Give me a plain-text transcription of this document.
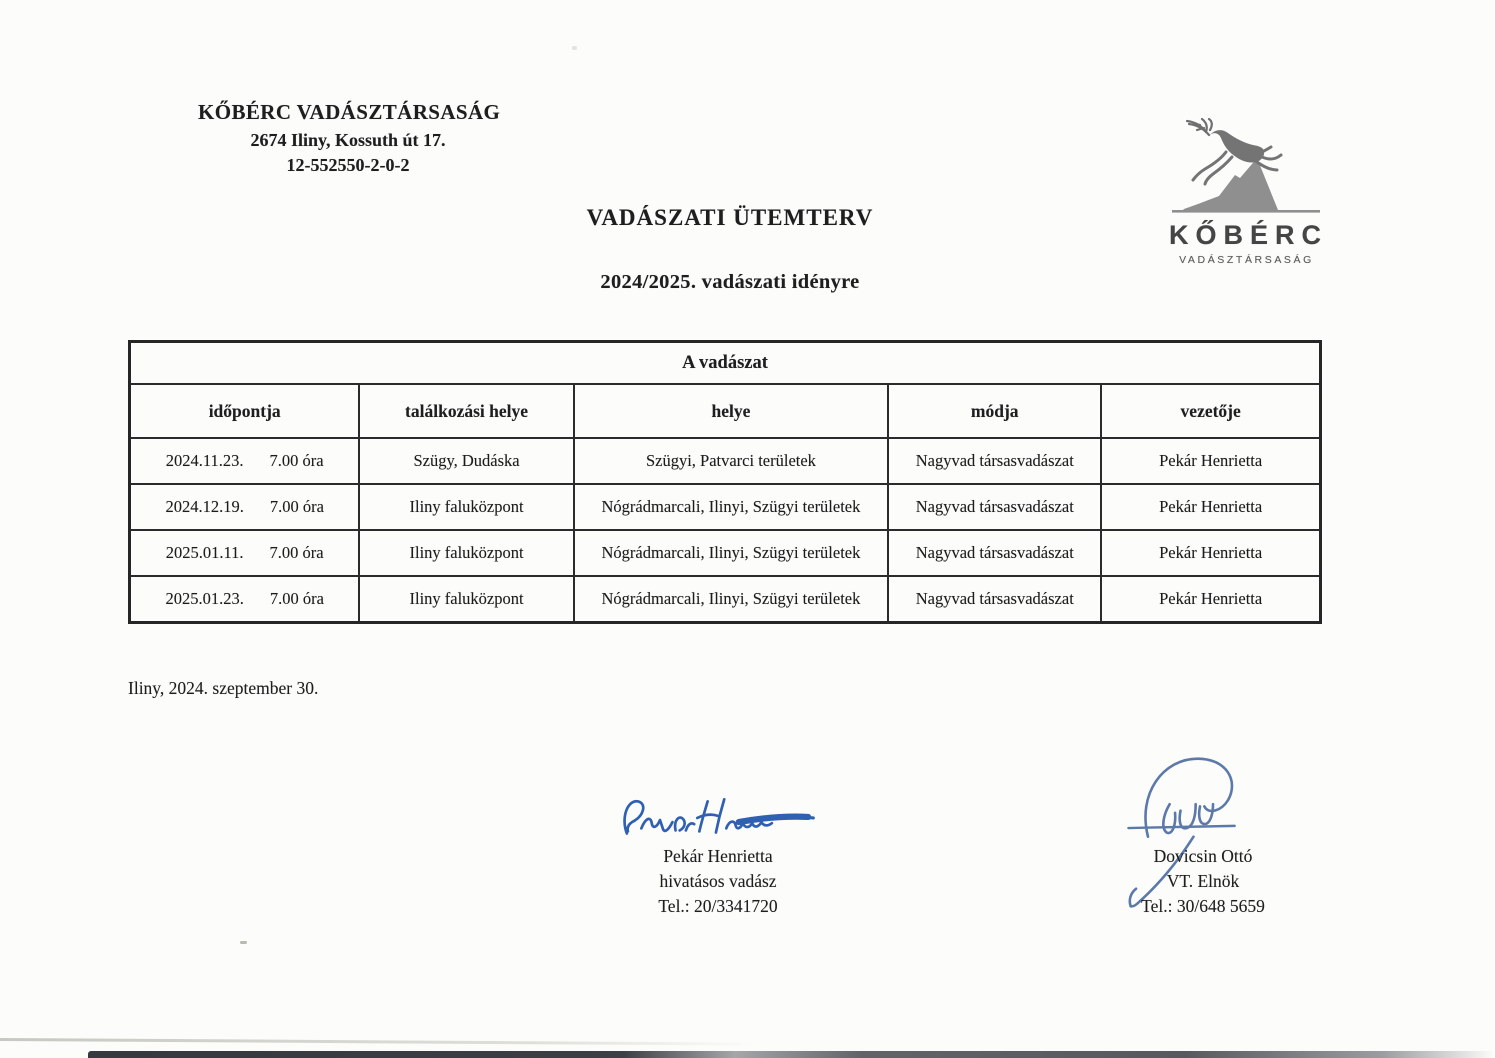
KŐBÉRC VADÁSZTÁRSASÁG
2674 Iliny, Kossuth út 17.
12-552550-2-0-2
KŐBÉRC
VADÁSZTÁRSASÁG
VADÁSZATI ÜTEMTERV
2024/2025. vadászati idényre
A vadászat				
időpontja	találkozási helye	helye	módja	vezetője
2024.11.23. 7.00 óra	Szügy, Dudáska	Szügyi, Patvarci területek	Nagyvad társasvadászat	Pekár Henrietta
2024.12.19. 7.00 óra	Iliny faluközpont	Nógrádmarcali, Ilinyi, Szügyi területek	Nagyvad társasvadászat	Pekár Henrietta
2025.01.11. 7.00 óra	Iliny faluközpont	Nógrádmarcali, Ilinyi, Szügyi területek	Nagyvad társasvadászat	Pekár Henrietta
2025.01.23. 7.00 óra	Iliny faluközpont	Nógrádmarcali, Ilinyi, Szügyi területek	Nagyvad társasvadászat	Pekár Henrietta
Iliny, 2024. szeptember 30.
Pekár Henrietta
hivatásos vadász
Tel.: 20/3341720
Dovicsin Ottó
VT. Elnök
Tel.: 30/648 5659
